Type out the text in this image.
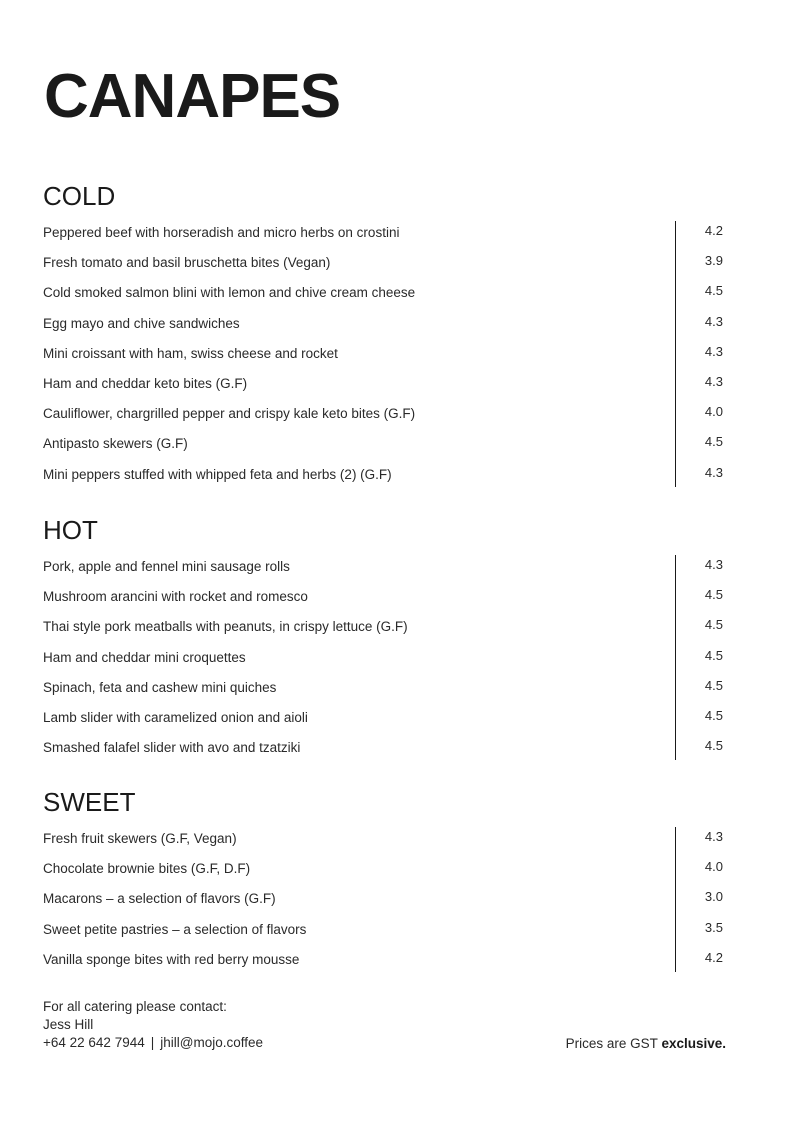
CANAPES
COLD
Peppered beef with horseradish and micro herbs on crostini	4.2
Fresh tomato and basil bruschetta bites (Vegan)	3.9
Cold smoked salmon blini with lemon and chive cream cheese	4.5
Egg mayo and chive sandwiches	4.3
Mini croissant with ham, swiss cheese and rocket	4.3
Ham and cheddar keto bites (G.F)	4.3
Cauliflower, chargrilled pepper and crispy kale keto bites (G.F)	4.0
Antipasto skewers (G.F)	4.5
Mini peppers stuffed with whipped feta and herbs (2) (G.F)	4.3
HOT
Pork, apple and fennel mini sausage rolls	4.3
Mushroom arancini with rocket and romesco	4.5
Thai style pork meatballs with peanuts, in crispy lettuce (G.F)	4.5
Ham and cheddar mini croquettes	4.5
Spinach, feta and cashew mini quiches	4.5
Lamb slider with caramelized onion and aioli	4.5
Smashed falafel slider with avo and tzatziki	4.5
SWEET
Fresh fruit skewers (G.F, Vegan)	4.3
Chocolate brownie bites (G.F, D.F)	4.0
Macarons – a selection of flavors (G.F)	3.0
Sweet petite pastries – a selection of flavors	3.5
Vanilla sponge bites with red berry mousse	4.2
For all catering please contact:
Jess Hill
+64 22 642 7944 | jhill@mojo.coffee	Prices are GST exclusive.
